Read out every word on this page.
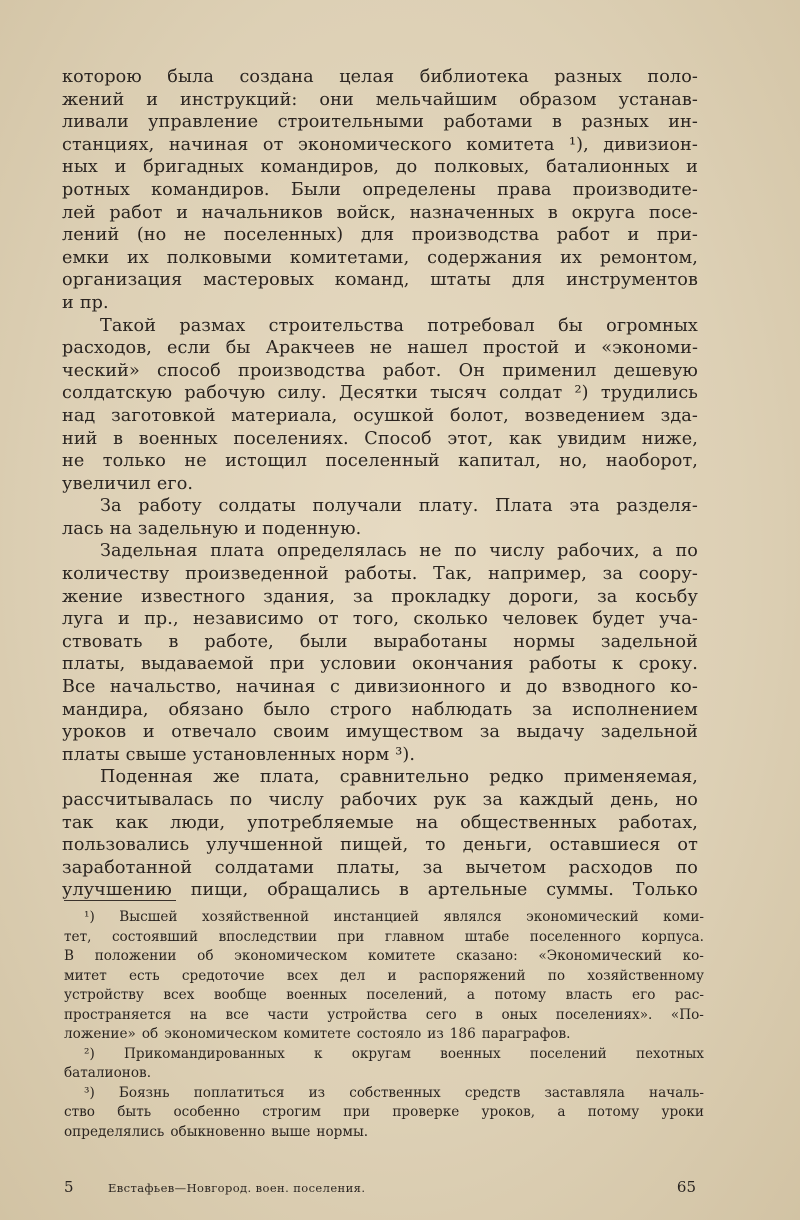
которою была создана целая библиотека разных поло-
жений и инструкций: они мельчайшим образом устанав-
ливали управление строительными работами в разных ин-
станциях, начиная от экономического комитета ¹), дивизион-
ных и бригадных командиров, до полковых, баталионных и
ротных командиров. Были определены права производите-
лей работ и начальников войск, назначенных в округа посе-
лений (но не поселенных) для производства работ и при-
емки их полковыми комитетами, содержания их ремонтом,
организация мастеровых команд, штаты для инструментов
и пр.
Такой размах строительства потребовал бы огромных
расходов, если бы Аракчеев не нашел простой и «экономи-
ческий» способ производства работ. Он применил дешевую
солдатскую рабочую силу. Десятки тысяч солдат ²) трудились
над заготовкой материала, осушкой болот, возведением зда-
ний в военных поселениях. Способ этот, как увидим ниже,
не только не истощил поселенный капитал, но, наоборот,
увеличил его.
За работу солдаты получали плату. Плата эта разделя-
лась на задельную и поденную.
Задельная плата определялась не по числу рабочих, а по
количеству произведенной работы. Так, например, за соору-
жение известного здания, за прокладку дороги, за косьбу
луга и пр., независимо от того, сколько человек будет уча-
ствовать в работе, были выработаны нормы задельной
платы, выдаваемой при условии окончания работы к сроку.
Все начальство, начиная с дивизионного и до взводного ко-
мандира, обязано было строго наблюдать за исполнением
уроков и отвечало своим имуществом за выдачу задельной
платы свыше установленных норм ³).
Поденная же плата, сравнительно редко применяемая,
рассчитывалась по числу рабочих рук за каждый день, но
так как люди, употребляемые на общественных работах,
пользовались улучшенной пищей, то деньги, оставшиеся от
заработанной солдатами платы, за вычетом расходов по
улучшению пищи, обращались в артельные суммы. Только
¹) Высшей хозяйственной инстанцией являлся экономический коми-
тет, состоявший впоследствии при главном штабе поселенного корпуса.
В положении об экономическом комитете сказано: «Экономический ко-
митет есть средоточие всех дел и распоряжений по хозяйственному
устройству всех вообще военных поселений, а потому власть его рас-
пространяется на все части устройства сего в оных поселениях». «По-
ложение» об экономическом комитете состояло из 186 параграфов.
²) Прикомандированных к округам военных поселений пехотных
баталионов.
³) Боязнь поплатиться из собственных средств заставляла началь-
ство быть особенно строгим при проверке уроков, а потому уроки
определялись обыкновенно выше нормы.
5	Евстафьев—Новгород. воен. поселения.	65
